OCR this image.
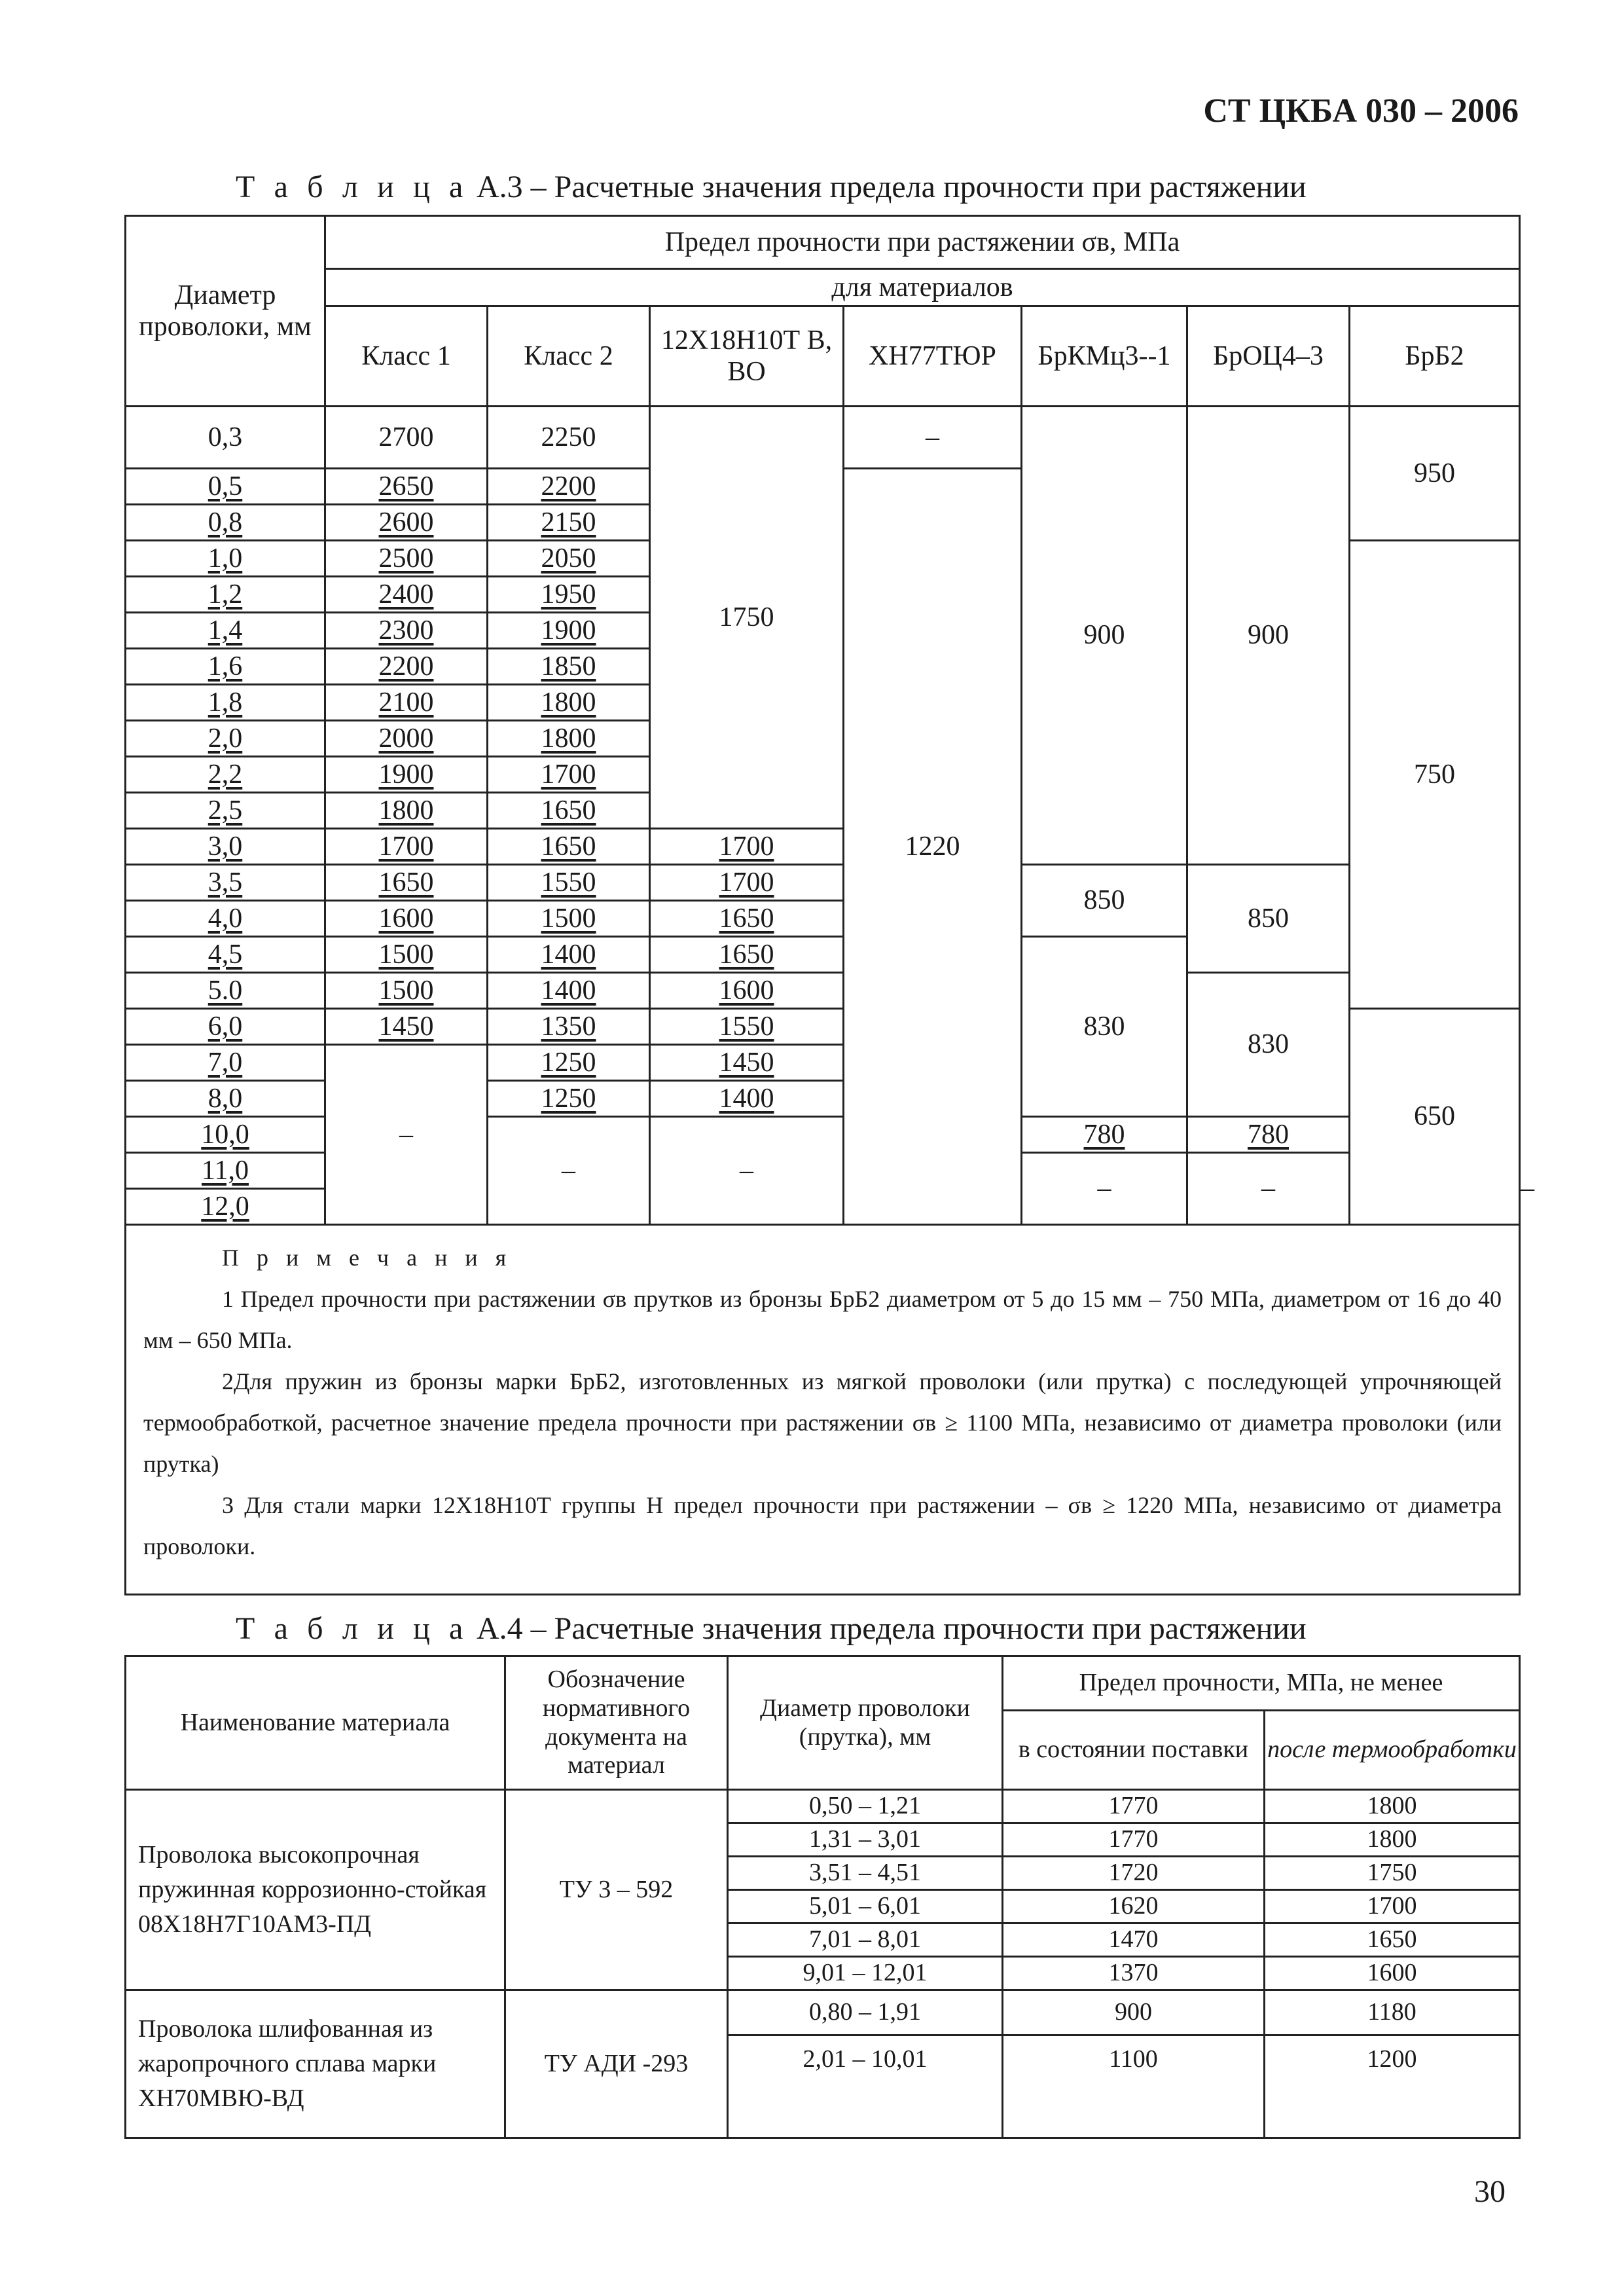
СТ ЦКБА 030 – 2006
Т а б л и ц а А.3 – Расчетные значения предела прочности при растяжении
Диаметр проволоки, мм	Предел прочности при растяжении σв, МПа							
	для материалов							
	Класс 1	Класс 2	12Х18Н10Т В, ВО	ХН77ТЮР	БрКМц3--1	БрОЦ4–3	БрБ2	
0,3	2700	2250	1750	–	900	900	950	
0,5	2650	2200		1220				
0,8	2600	2150						
1,0	2500	2050					750	
1,2	2400	1950						
1,4	2300	1900						
1,6	2200	1850						
1,8	2100	1800						
2,0	2000	1800						
2,2	1900	1700						
2,5	1800	1650						
3,0	1700	1650	1700					
3,5	1650	1550	1700		850	850		
4,0	1600	1500	1650					
4,5	1500	1400	1650		830			
5.0	1500	1400	1600			830		
6,0	1450	1350	1550				650	
7,0	–	1250	1450					
8,0		1250	1400					
10,0		–	–		780	780		
11,0					–	–		–
12,0								

П р и м е ч а н и я
1 Предел прочности при растяжении σв прутков из бронзы БрБ2 диаметром от 5 до 15 мм – 750 МПа, диаметром от 16 до 40 мм – 650 МПа.
2Для пружин из бронзы марки БрБ2, изготовленных из мягкой проволоки (или прутка) с последующей упрочняющей термообработкой, расчетное значение предела прочности при растяжении σв ≥ 1100 МПа, независимо от диаметра проволоки (или прутка)
3 Для стали марки 12Х18Н10Т группы Н предел прочности при растяжении – σв ≥ 1220 МПа, независимо от диаметра проволоки.								
Т а б л и ц а А.4 – Расчетные значения предела прочности при растяжении
Наименование материала	Обозначение нормативного документа на материал	Диаметр проволоки (прутка), мм	Предел прочности, МПа, не менее	
			в состоянии поставки	после термообработки
Проволока высокопрочная пружинная коррозионно-стойкая 08Х18Н7Г10АМ3-ПД	ТУ 3 – 592	0,50 – 1,21	1770	1800
		1,31 – 3,01	1770	1800
		3,51 – 4,51	1720	1750
		5,01 – 6,01	1620	1700
		7,01 – 8,01	1470	1650
		9,01 – 12,01	1370	1600
Проволока шлифованная из жаропрочного сплава марки ХН70МВЮ-ВД	ТУ АДИ -293	0,80 – 1,91	900	1180
		2,01 – 10,01	1100	1200
30
